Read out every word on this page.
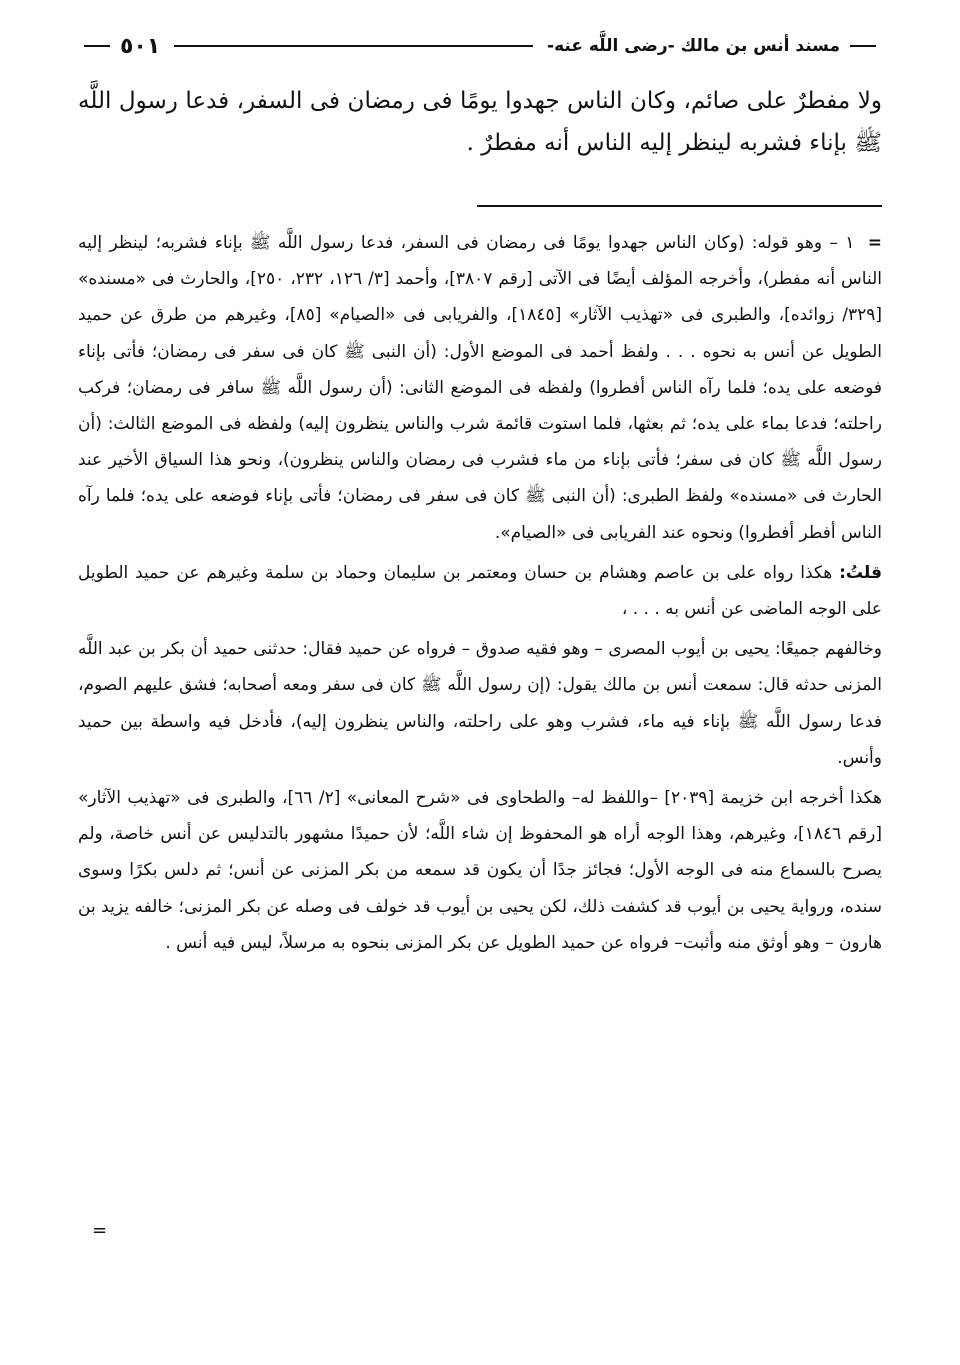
مسند أنس بن مالك -رضى اللَّه عنه-
٥٠١

ولا مفطرٌ على صائم، وكان الناس جهدوا يومًا فى رمضان فى السفر، فدعا رسول اللَّه ﷺ بإناء فشربه لينظر إليه الناس أنه مفطرٌ .

= ١ – وهو قوله: (وكان الناس جهدوا يومًا فى رمضان فى السفر، فدعا رسول اللَّه ﷺ بإناء فشربه؛ لينظر إليه الناس أنه مفطر)، وأخرجه المؤلف أيضًا فى الآتى [رقم ٣٨٠٧]، وأحمد [٣/ ١٢٦، ٢٣٢، ٢٥٠]، والحارث فى «مسنده» [٣٢٩/ زوائده]، والطبرى فى «تهذيب الآثار» [١٨٤٥]، والفريابى فى «الصيام» [٨٥]، وغيرهم من طرق عن حميد الطويل عن أنس به نحوه . . . ولفظ أحمد فى الموضع الأول: (أن النبى ﷺ كان فى سفر فى رمضان؛ فأتى بإناء فوضعه على يده؛ فلما رآه الناس أفطروا) ولفظه فى الموضع الثانى: (أن رسول اللَّه ﷺ سافر فى رمضان؛ فركب راحلته؛ فدعا بماء على يده؛ ثم بعثها، فلما استوت قائمة شرب والناس ينظرون إليه) ولفظه فى الموضع الثالث: (أن رسول اللَّه ﷺ كان فى سفر؛ فأتى بإناء من ماء فشرب فى رمضان والناس ينظرون)، ونحو هذا السياق الأخير عند الحارث فى «مسنده» ولفظ الطبرى: (أن النبى ﷺ كان فى سفر فى رمضان؛ فأتى بإناء فوضعه على يده؛ فلما رآه الناس أفطر أفطروا) ونحوه عند الفريابى فى «الصيام».

قلتُ: هكذا رواه على بن عاصم وهشام بن حسان ومعتمر بن سليمان وحماد بن سلمة وغيرهم عن حميد الطويل على الوجه الماضى عن أنس به . . . ،

وخالفهم جميعًا: يحيى بن أيوب المصرى – وهو فقيه صدوق – فرواه عن حميد فقال: حدثنى حميد أن بكر بن عبد اللَّه المزنى حدثه قال: سمعت أنس بن مالك يقول: (إن رسول اللَّه ﷺ كان فى سفر ومعه أصحابه؛ فشق عليهم الصوم، فدعا رسول اللَّه ﷺ بإناء فيه ماء، فشرب وهو على راحلته، والناس ينظرون إليه)، فأدخل فيه واسطة بين حميد وأنس.

هكذا أخرجه ابن خزيمة [٢٠٣٩] –واللفظ له– والطحاوى فى «شرح المعانى» [٢/ ٦٦]، والطبرى فى «تهذيب الآثار» [رقم ١٨٤٦]، وغيرهم، وهذا الوجه أراه هو المحفوظ إن شاء اللَّه؛ لأن حميدًا مشهور بالتدليس عن أنس خاصة، ولم يصرح بالسماع منه فى الوجه الأول؛ فجائز جدًا أن يكون قد سمعه من بكر المزنى عن أنس؛ ثم دلس بكرًا وسوى سنده، ورواية يحيى بن أيوب قد كشفت ذلك، لكن يحيى بن أيوب قد خولف فى وصله عن بكر المزنى؛ خالفه يزيد بن هارون – وهو أوثق منه وأثبت– فرواه عن حميد الطويل عن بكر المزنى بنحوه به مرسلاً، ليس فيه أنس .

=
